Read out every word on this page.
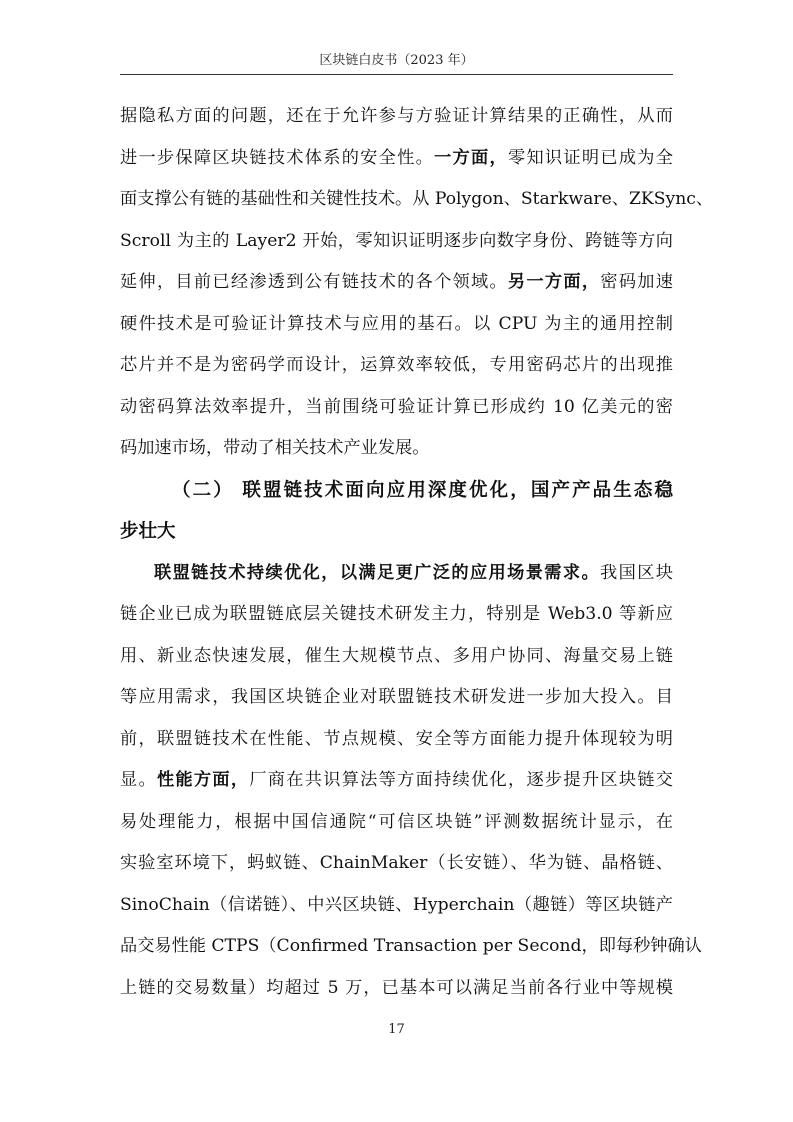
区块链白皮书（2023 年）
据隐私方面的问题，还在于允许参与方验证计算结果的正确性，从而
进一步保障区块链技术体系的安全性。一方面，零知识证明已成为全
面支撑公有链的基础性和关键性技术。从 Polygon、Starkware、ZKSync、
Scroll 为主的 Layer2 开始，零知识证明逐步向数字身份、跨链等方向
延伸，目前已经渗透到公有链技术的各个领域。另一方面，密码加速
硬件技术是可验证计算技术与应用的基石。以 CPU 为主的通用控制
芯片并不是为密码学而设计，运算效率较低，专用密码芯片的出现推
动密码算法效率提升，当前围绕可验证计算已形成约 10 亿美元的密
码加速市场，带动了相关技术产业发展。
（二） 联盟链技术面向应用深度优化，国产产品生态稳
步壮大
联盟链技术持续优化，以满足更广泛的应用场景需求。我国区块
链企业已成为联盟链底层关键技术研发主力，特别是 Web3.0 等新应
用、新业态快速发展，催生大规模节点、多用户协同、海量交易上链
等应用需求，我国区块链企业对联盟链技术研发进一步加大投入。目
前，联盟链技术在性能、节点规模、安全等方面能力提升体现较为明
显。性能方面，厂商在共识算法等方面持续优化，逐步提升区块链交
易处理能力，根据中国信通院“可信区块链”评测数据统计显示，在
实验室环境下，蚂蚁链、ChainMaker（长安链）、华为链、晶格链、
SinoChain（信诺链）、中兴区块链、Hyperchain（趣链）等区块链产
品交易性能 CTPS（Confirmed Transaction per Second，即每秒钟确认
上链的交易数量）均超过 5 万，已基本可以满足当前各行业中等规模
17
